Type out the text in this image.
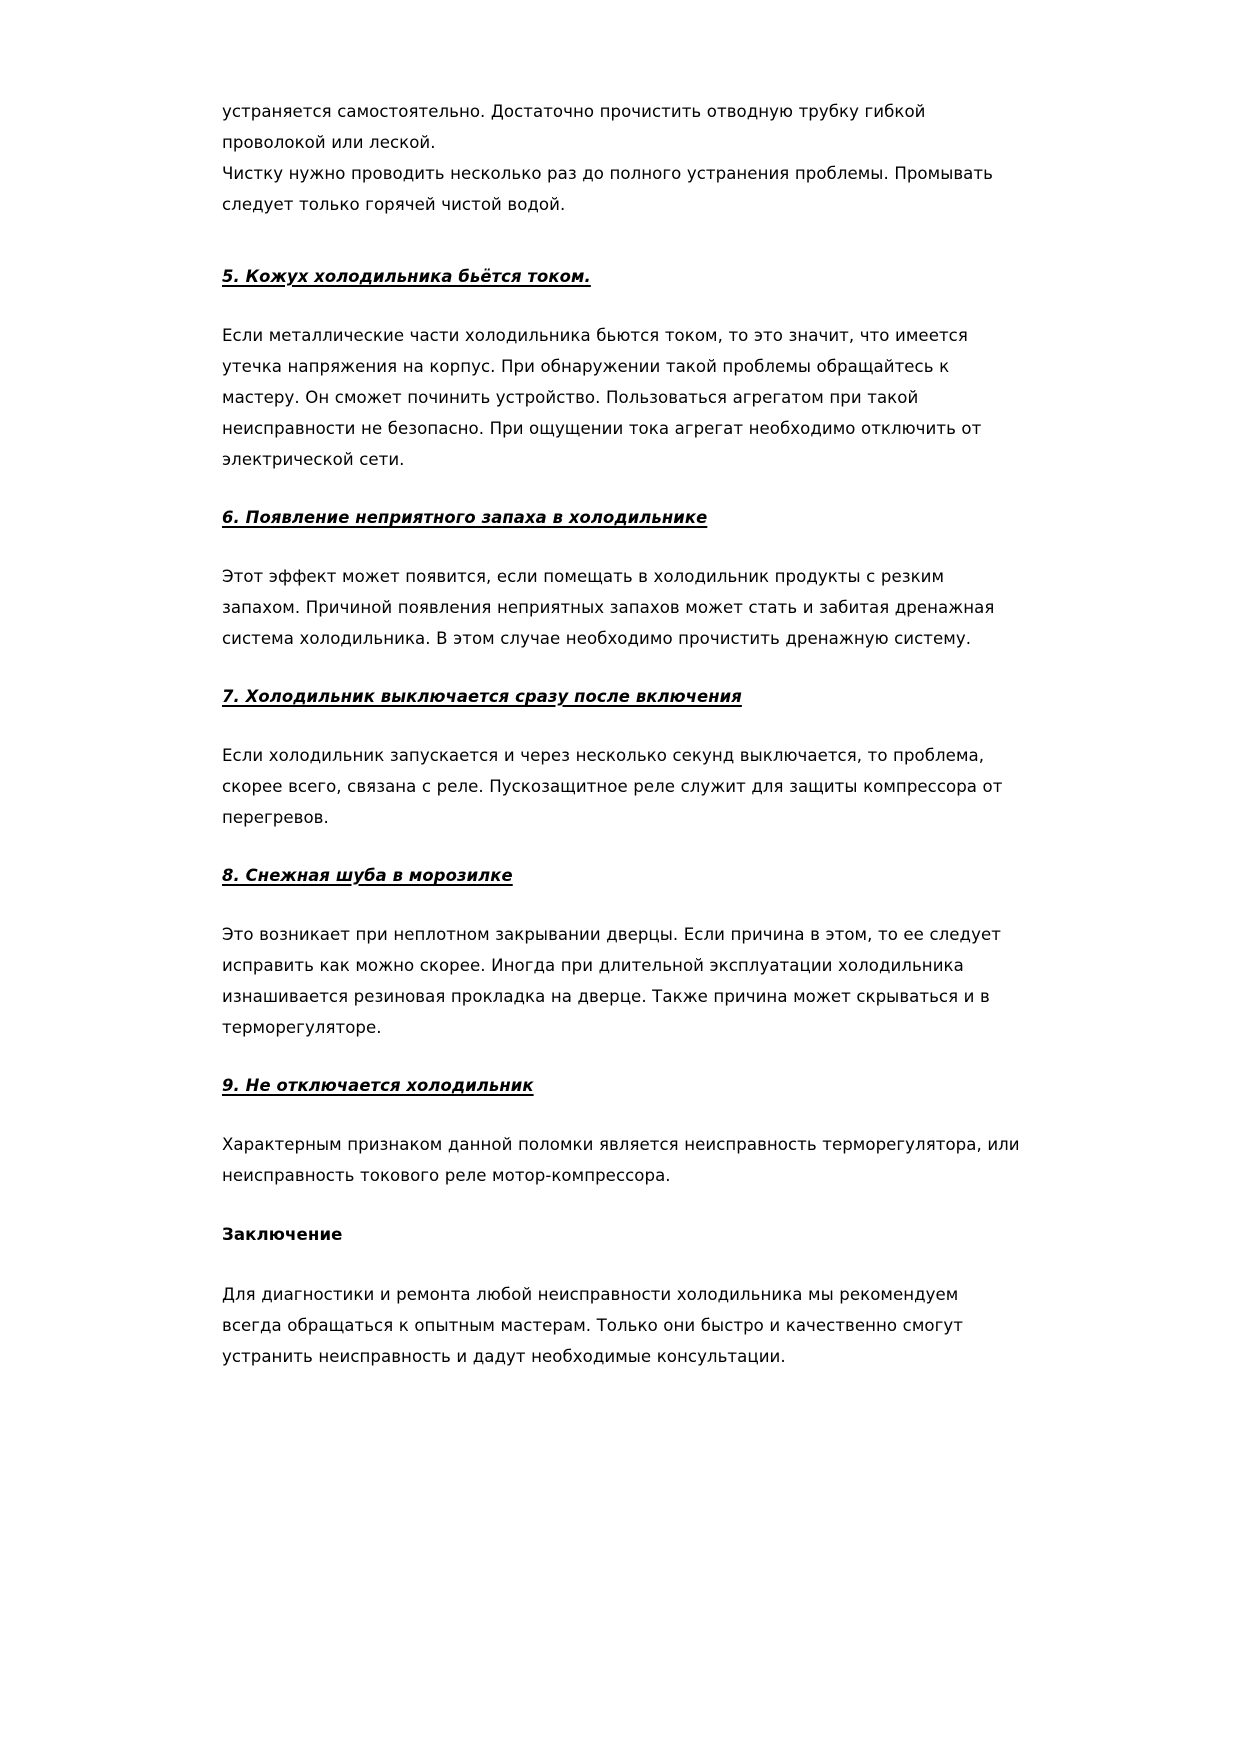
устраняется самостоятельно. Достаточно прочистить отводную трубку гибкой проволокой или леской.

Чистку нужно проводить несколько раз до полного устранения проблемы. Промывать следует только горячей чистой водой.

5. Кожух холодильника бьётся током.

Если металлические части холодильника бьются током, то это значит, что имеется утечка напряжения на корпус. При обнаружении такой проблемы обращайтесь к мастеру. Он сможет починить устройство. Пользоваться агрегатом при такой неисправности не безопасно. При ощущении тока агрегат необходимо отключить от электрической сети.

6. Появление неприятного запаха в холодильнике

Этот эффект может появится, если помещать в холодильник продукты с резким запахом. Причиной появления неприятных запахов может стать и забитая дренажная система холодильника. В этом случае необходимо прочистить дренажную систему.

7. Холодильник выключается сразу после включения

Если холодильник запускается и через несколько секунд выключается, то проблема, скорее всего, связана с реле. Пускозащитное реле служит для защиты компрессора от перегревов.

8. Снежная шуба в морозилке

Это возникает при неплотном закрывании дверцы. Если причина в этом, то ее следует исправить как можно скорее. Иногда при длительной эксплуатации холодильника изнашивается резиновая прокладка на дверце. Также причина может скрываться и в терморегуляторе.

9. Не отключается холодильник

Характерным признаком данной поломки является неисправность терморегулятора, или неисправность токового реле мотор-компрессора.

Заключение

Для диагностики и ремонта любой неисправности холодильника мы рекомендуем всегда обращаться к опытным мастерам. Только они быстро и качественно смогут устранить неисправность и дадут необходимые консультации.
